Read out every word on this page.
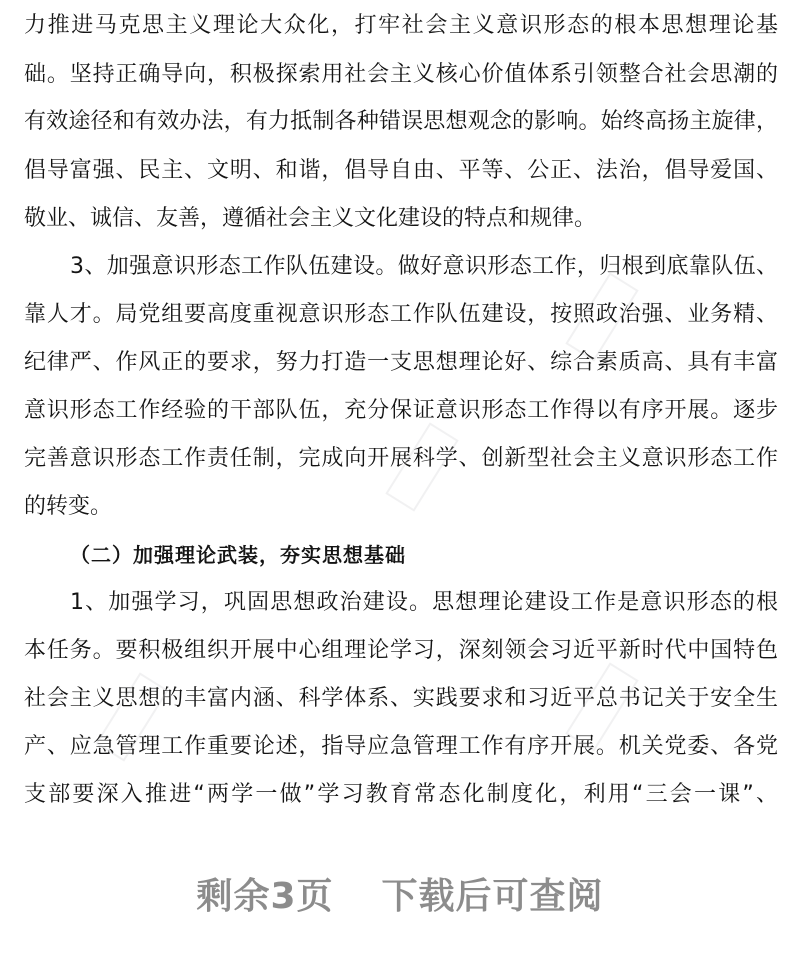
力推进马克思主义理论大众化，打牢社会主义意识形态的根本思想理论基
础。坚持正确导向，积极探索用社会主义核心价值体系引领整合社会思潮的
有效途径和有效办法，有力抵制各种错误思想观念的影响。始终高扬主旋律，
倡导富强、民主、文明、和谐，倡导自由、平等、公正、法治，倡导爱国、
敬业、诚信、友善，遵循社会主义文化建设的特点和规律。
3、加强意识形态工作队伍建设。做好意识形态工作，归根到底靠队伍、
靠人才。局党组要高度重视意识形态工作队伍建设，按照政治强、业务精、
纪律严、作风正的要求，努力打造一支思想理论好、综合素质高、具有丰富
意识形态工作经验的干部队伍，充分保证意识形态工作得以有序开展。逐步
完善意识形态工作责任制，完成向开展科学、创新型社会主义意识形态工作
的转变。
（二）加强理论武装，夯实思想基础
1、加强学习，巩固思想政治建设。思想理论建设工作是意识形态的根
本任务。要积极组织开展中心组理论学习，深刻领会习近平新时代中国特色
社会主义思想的丰富内涵、科学体系、实践要求和习近平总书记关于安全生
产、应急管理工作重要论述，指导应急管理工作有序开展。机关党委、各党
支部要深入推进“两学一做”学习教育常态化制度化，利用“三会一课”、
剩余3页 下载后可查阅
